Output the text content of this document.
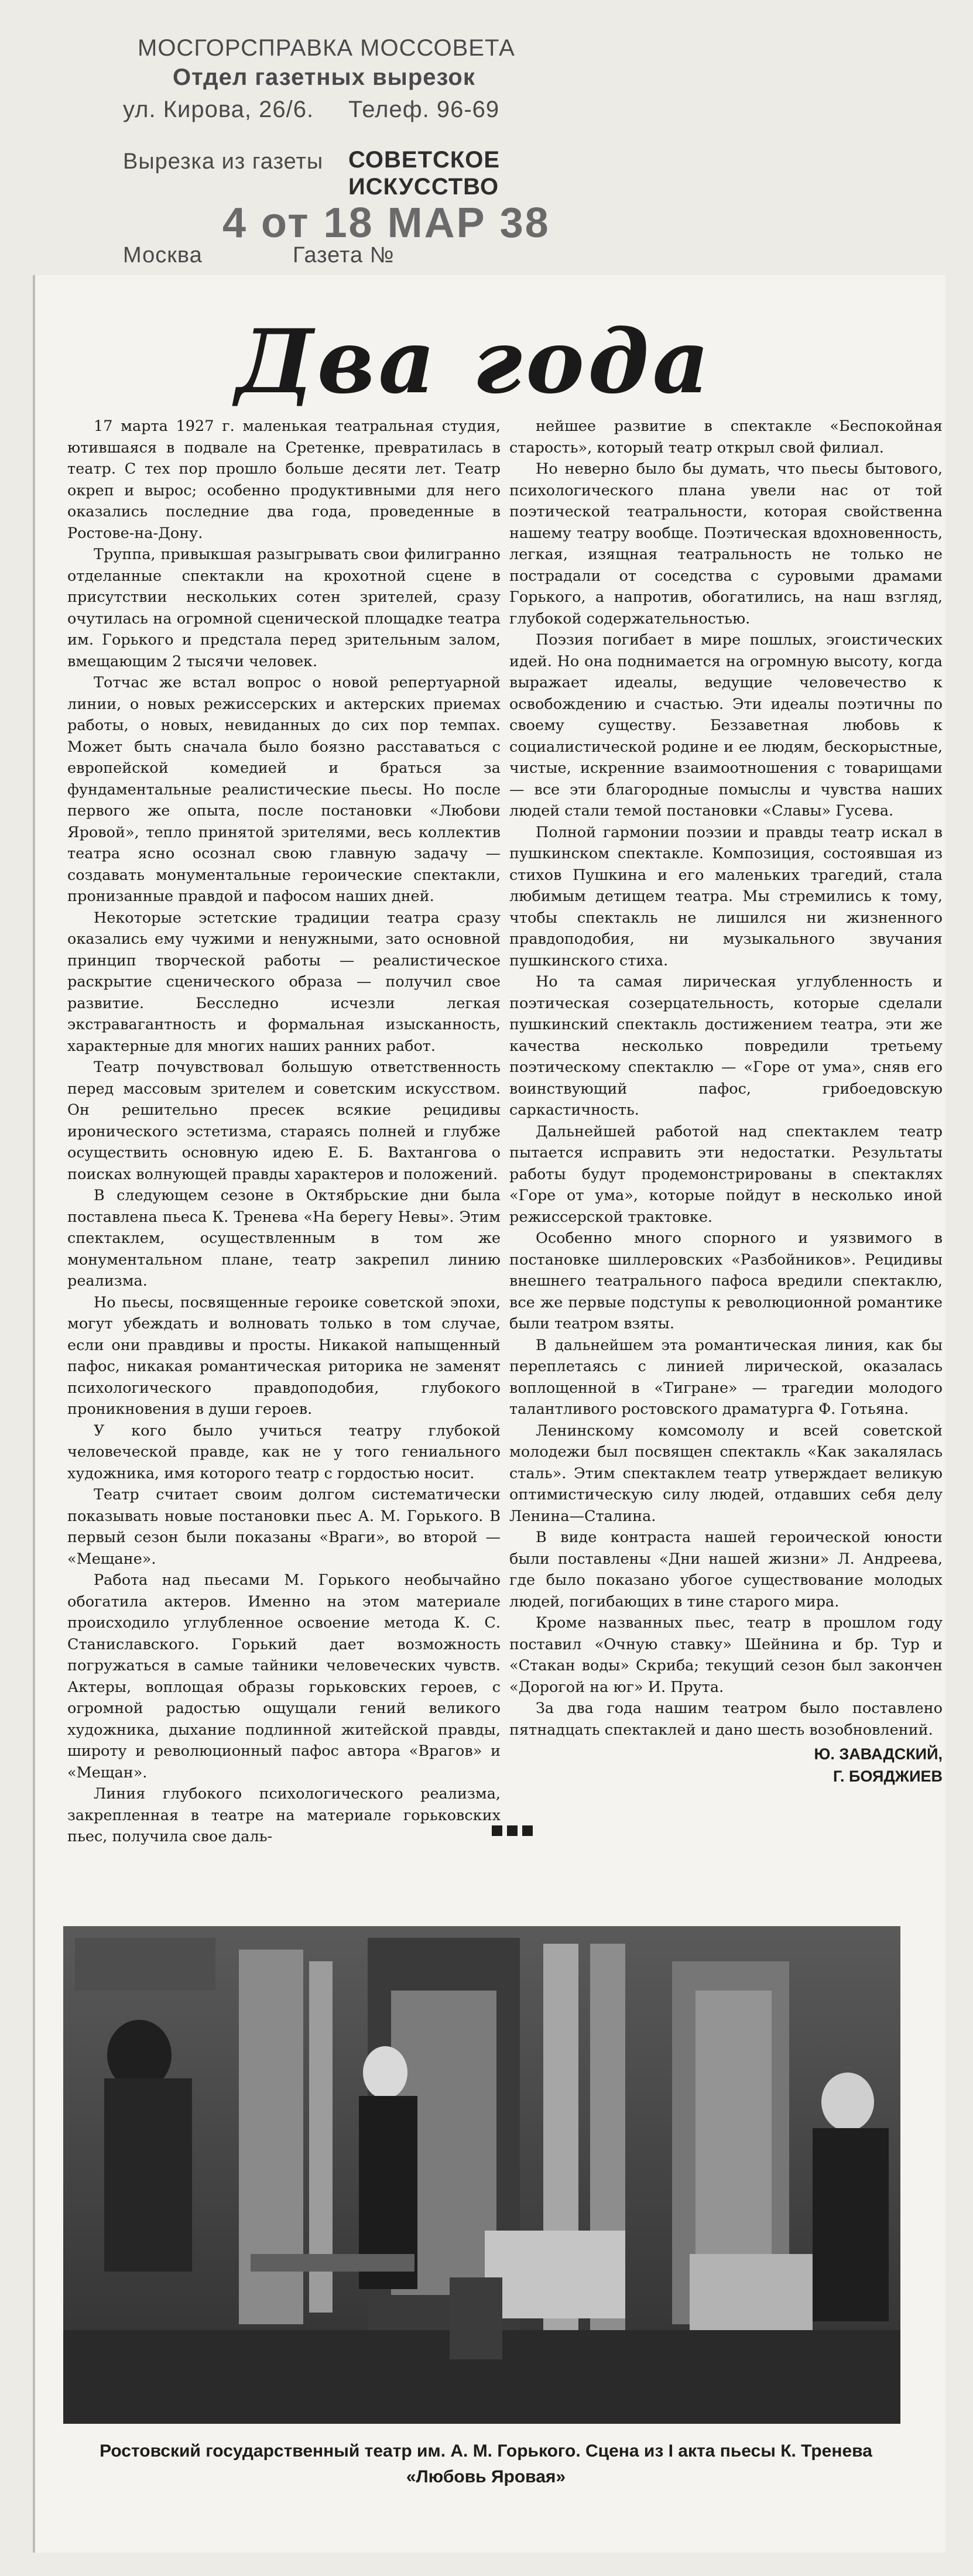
МОСГОРСПРАВКА МОССОВЕТА
Отдел газетных вырезок
ул. Кирова, 26/6. Телеф. 96-69
Вырезка из газеты СОВЕТСКОЕ ИСКУССТВО
4 от 18 МАР 38
Москва	Газета №
Два года

17 марта 1927 г. маленькая театральная студия, ютившаяся в подвале на Сретенке, превратилась в театр. С тех пор прошло больше десяти лет. Театр окреп и вырос; особенно продуктивными для него оказались последние два года, проведенные в Ростове-на-Дону.

Труппа, привыкшая разыгрывать свои филигранно отделанные спектакли на крохотной сцене в присутствии нескольких сотен зрителей, сразу очутилась на огромной сценической площадке театра им. Горького и предстала перед зрительным залом, вмещающим 2 тысячи человек.

Тотчас же встал вопрос о новой репертуарной линии, о новых режиссерских и актерских приемах работы, о новых, невиданных до сих пор темпах. Может быть сначала было боязно расставаться с европейской комедией и браться за фундаментальные реалистические пьесы. Но после первого же опыта, после постановки «Любови Яровой», тепло принятой зрителями, весь коллектив театра ясно осознал свою главную задачу — создавать монументальные героические спектакли, пронизанные правдой и пафосом наших дней.

Некоторые эстетские традиции театра сразу оказались ему чужими и ненужными, зато основной принцип творческой работы — реалистическое раскрытие сценического образа — получил свое развитие. Бесследно исчезли легкая экстравагантность и формальная изысканность, характерные для многих наших ранних работ.

Театр почувствовал большую ответственность перед массовым зрителем и советским искусством. Он решительно пресек всякие рецидивы иронического эстетизма, стараясь полней и глубже осуществить основную идею Е. Б. Вахтангова о поисках волнующей правды характеров и положений.

В следующем сезоне в Октябрьские дни была поставлена пьеса К. Тренева «На берегу Невы». Этим спектаклем, осуществленным в том же монументальном плане, театр закрепил линию реализма.

Но пьесы, посвященные героике советской эпохи, могут убеждать и волновать только в том случае, если они правдивы и просты. Никакой напыщенный пафос, никакая романтическая риторика не заменят психологического правдоподобия, глубокого проникновения в души героев.

У кого было учиться театру глубокой человеческой правде, как не у того гениального художника, имя которого театр с гордостью носит.

Театр считает своим долгом систематически показывать новые постановки пьес А. М. Горького. В первый сезон были показаны «Враги», во второй — «Мещане».

Работа над пьесами М. Горького необычайно обогатила актеров. Именно на этом материале происходило углубленное освоение метода К. С. Станиславского. Горький дает возможность погружаться в самые тайники человеческих чувств. Актеры, воплощая образы горьковских героев, с огромной радостью ощущали гений великого художника, дыхание подлинной житейской правды, широту и революционный пафос автора «Врагов» и «Мещан».

Линия глубокого психологического реализма, закрепленная в театре на материале горьковских пьес, получила свое даль-

нейшее развитие в спектакле «Беспокойная старость», который театр открыл свой филиал.

Но неверно было бы думать, что пьесы бытового, психологического плана увели нас от той поэтической театральности, которая свойственна нашему театру вообще. Поэтическая вдохновенность, легкая, изящная театральность не только не пострадали от соседства с суровыми драмами Горького, а напротив, обогатились, на наш взгляд, глубокой содержательностью.

Поэзия погибает в мире пошлых, эгоистических идей. Но она поднимается на огромную высоту, когда выражает идеалы, ведущие человечество к освобождению и счастью. Эти идеалы поэтичны по своему существу. Беззаветная любовь к социалистической родине и ее людям, бескорыстные, чистые, искренние взаимоотношения с товарищами — все эти благородные помыслы и чувства наших людей стали темой постановки «Славы» Гусева.

Полной гармонии поэзии и правды театр искал в пушкинском спектакле. Композиция, состоявшая из стихов Пушкина и его маленьких трагедий, стала любимым детищем театра. Мы стремились к тому, чтобы спектакль не лишился ни жизненного правдоподобия, ни музыкального звучания пушкинского стиха.

Но та самая лирическая углубленность и поэтическая созерцательность, которые сделали пушкинский спектакль достижением театра, эти же качества несколько повредили третьему поэтическому спектаклю — «Горе от ума», сняв его воинствующий пафос, грибоедовскую саркастичность.

Дальнейшей работой над спектаклем театр пытается исправить эти недостатки. Результаты работы будут продемонстрированы в спектаклях «Горе от ума», которые пойдут в несколько иной режиссерской трактовке.

Особенно много спорного и уязвимого в постановке шиллеровских «Разбойников». Рецидивы внешнего театрального пафоса вредили спектаклю, все же первые подступы к революционной романтике были театром взяты.

В дальнейшем эта романтическая линия, как бы переплетаясь с линией лирической, оказалась воплощенной в «Тигране» — трагедии молодого талантливого ростовского драматурга Ф. Готьяна.

Ленинскому комсомолу и всей советской молодежи был посвящен спектакль «Как закалялась сталь». Этим спектаклем театр утверждает великую оптимистическую силу людей, отдавших себя делу Ленина—Сталина.

В виде контраста нашей героической юности были поставлены «Дни нашей жизни» Л. Андреева, где было показано убогое существование молодых людей, погибающих в тине старого мира.

Кроме названных пьес, театр в прошлом году поставил «Очную ставку» Шейнина и бр. Тур и «Стакан воды» Скриба; текущий сезон был закончен «Дорогой на юг» И. Прута.

За два года нашим театром было поставлено пятнадцать спектаклей и дано шесть возобновлений.

Ю. ЗАВАДСКИЙ,
Г. БОЯДЖИЕВ
Ростовский государственный театр им. А. М. Горького. Сцена из I акта пьесы К. Тренева «Любовь Яровая»
